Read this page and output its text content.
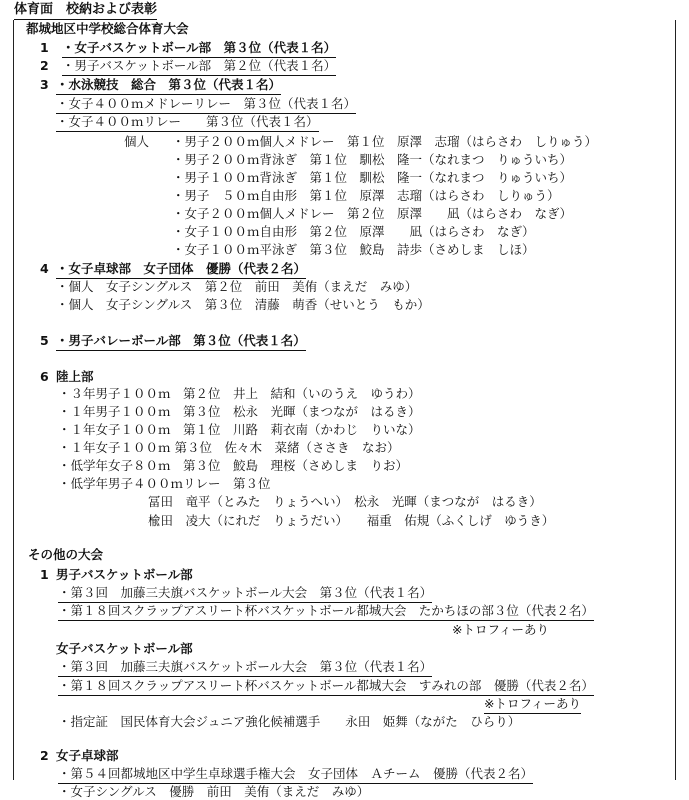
体育面　校納および表彰
都城地区中学校総合体育大会
1 ・女子バスケットボール部　第３位（代表１名）
2 ・男子バスケットボール部　第２位（代表１名）
3 ・水泳競技　総合　第３位（代表１名）
・女子４００ｍメドレーリレー　第３位（代表１名）
・女子４００ｍリレー　　第３位（代表１名）
個人 ・男子２００ｍ個人メドレー　第１位　原澤　志瑠（はらさわ　しりゅう）
・男子２００ｍ背泳ぎ　第１位　馴松　隆一（なれまつ　りゅういち）
・男子１００ｍ背泳ぎ　第１位　馴松　隆一（なれまつ　りゅういち）
・男子　５０ｍ自由形　第１位　原澤　志瑠（はらさわ　しりゅう）
・女子２００ｍ個人メドレー　第２位　原澤　　凪（はらさわ　なぎ）
・女子１００ｍ自由形　第２位　原澤　　凪（はらさわ　なぎ）
・女子１００ｍ平泳ぎ　第３位　鮫島　詩歩（さめしま　しほ）
4 ・女子卓球部　女子団体　優勝（代表２名）
・個人　女子シングルス　第２位　前田　美侑（まえだ　みゆ）
・個人　女子シングルス　第３位　清藤　萌香（せいとう　もか）
5 ・男子バレーボール部　第３位（代表１名）
6 陸上部
・３年男子１００ｍ　第２位　井上　結和（いのうえ　ゆうわ）
・１年男子１００ｍ　第３位　松永　光暉（まつなが　はるき）
・１年女子１００ｍ　第１位　川路　莉衣南（かわじ　りいな）
・１年女子１００ｍ 第３位　佐々木　菜緒（ささき　なお）
・低学年女子８０ｍ　第３位　鮫島　理桜（さめしま　りお）
・低学年男子４００ｍリレー　第３位
冨田　竜平（とみた　りょうへい）　松永　光暉（まつなが　はるき）
楡田　凌大（にれだ　りょうだい）　　福重　佑規（ふくしげ　ゆうき）
その他の大会
1 男子バスケットボール部
・第３回　加藤三夫旗バスケットボール大会　第３位（代表１名）
・第１８回スクラップアスリート杯バスケットボール都城大会　たかちほの部３位（代表２名）
※トロフィーあり
女子バスケットボール部
・第３回　加藤三夫旗バスケットボール大会　第３位（代表１名）
・第１８回スクラップアスリート杯バスケットボール都城大会　すみれの部　優勝（代表２名）
※トロフィーあり
・指定証　国民体育大会ジュニア強化候補選手　　永田　姫舞（ながた　ひらり）
2 女子卓球部
・第５４回都城地区中学生卓球選手権大会　女子団体　Ａチーム　優勝（代表２名）
・女子シングルス　優勝　前田　美侑（まえだ　みゆ）
